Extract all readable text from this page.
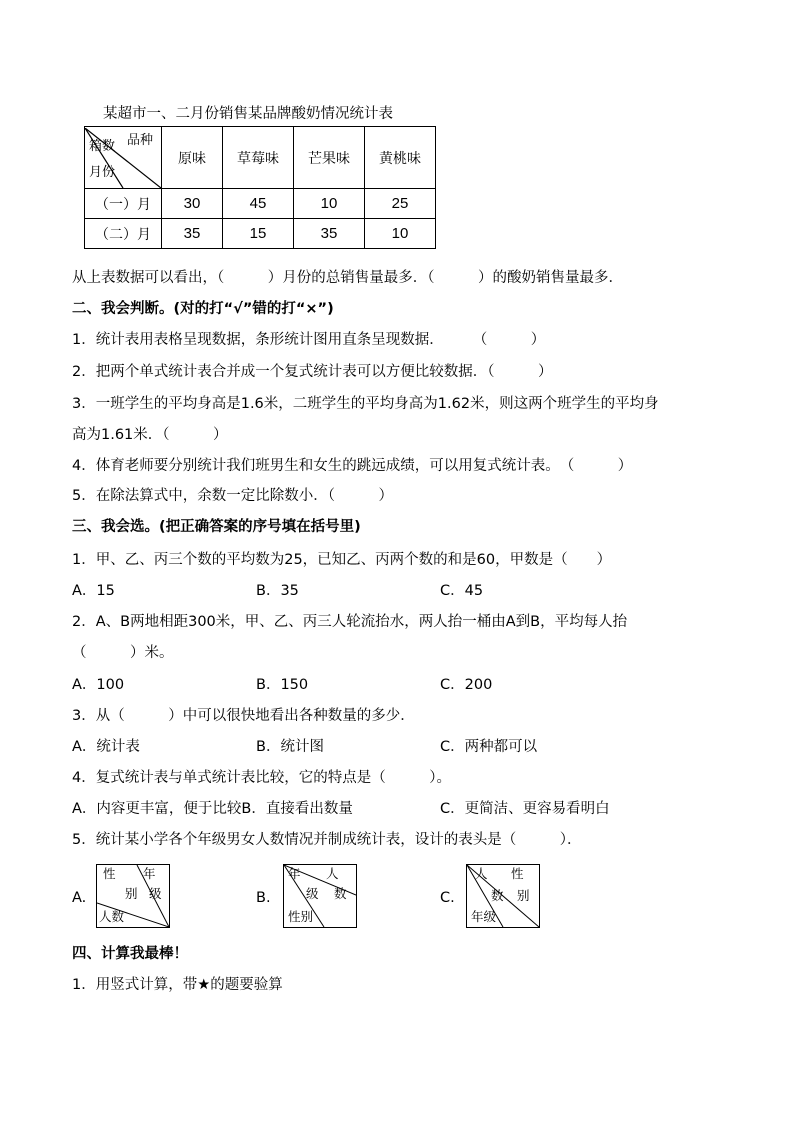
某超市一、二月份销售某品牌酸奶情况统计表
品种
箱数
月份	原味	草莓味	芒果味	黄桃味
（一）月	30	45	10	25
（二）月	35	15	35	10
从上表数据可以看出，（　　　）月份的总销售量最多．（　　　）的酸奶销售量最多．
二、我会判断。(对的打“√”错的打“×”)
1．统计表用表格呈现数据，条形统计图用直条呈现数据．　　　（　　　）
2．把两个单式统计表合并成一个复式统计表可以方便比较数据．（　　　）
3．一班学生的平均身高是1.6米，二班学生的平均身高为1.62米，则这两个班学生的平均身
高为1.61米．（　　　）
4．体育老师要分别统计我们班男生和女生的跳远成绩，可以用复式统计表。　（　　　）
5．在除法算式中，余数一定比除数小．（　　　）
三、我会选。(把正确答案的序号填在括号里)
1．甲、乙、丙三个数的平均数为25，已知乙、丙两个数的和是60，甲数是（　　）
A．15	B．35	C．45
2．A、B两地相距300米，甲、乙、丙三人轮流抬水，两人抬一桶由A到B，平均每人抬
（　　　）米。
A．100	B．150	C．200
3．从（　　　）中可以很快地看出各种数量的多少．
A．统计表	B．统计图	C．两种都可以
4．复式统计表与单式统计表比较，它的特点是（　　　）。
A．内容更丰富，便于比较B．直接看出数量	C．更简洁、更容易看明白
5．统计某小学各个年级男女人数情况并制成统计表，设计的表头是（　　　）．
A.
性 年
别 级
人数
B.
年 人
级 数
性别
C.
人 性
数 别
年级
四、计算我最棒！
1．用竖式计算，带★的题要验算
